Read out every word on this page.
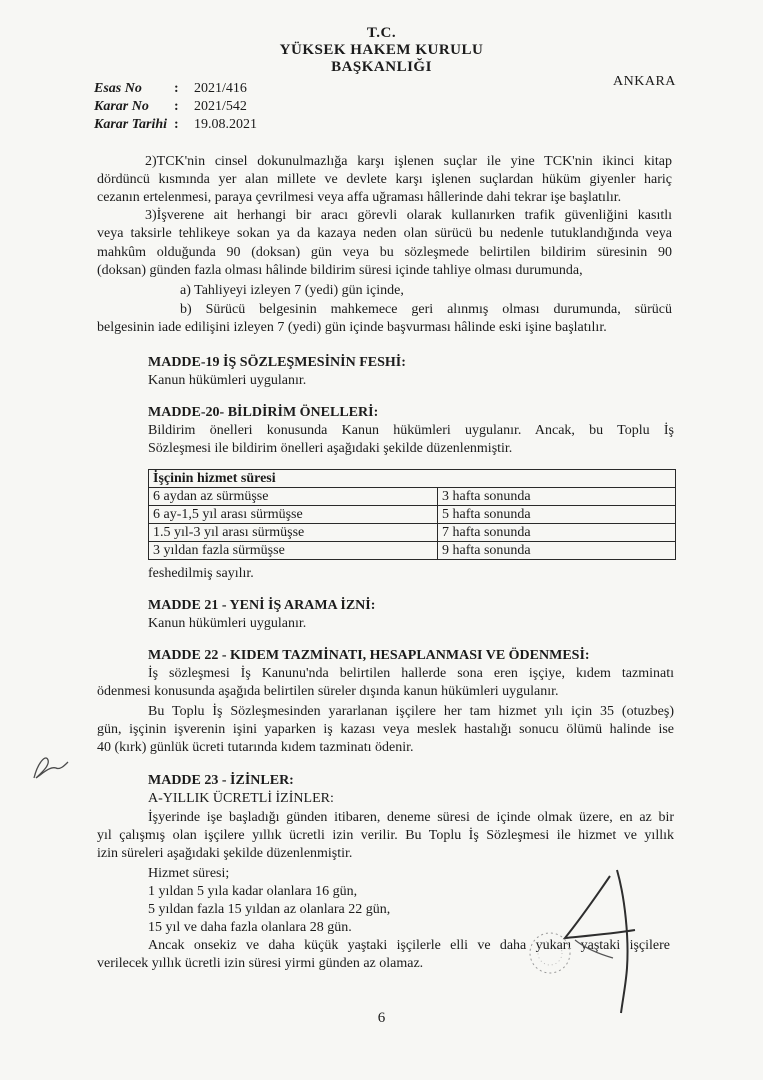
T.C.
YÜKSEK HAKEM KURULU
BAŞKANLIĞI
ANKARA
Esas No	:	2021/416
Karar No	:	2021/542
Karar Tarihi :	19.08.2021
2)TCK'nin cinsel dokunulmazlığa karşı işlenen suçlar ile yine TCK'nin ikinci kitap
dördüncü kısmında yer alan millete ve devlete karşı işlenen suçlardan hüküm giyenler hariç
cezanın ertelenmesi, paraya çevrilmesi veya affa uğraması hâllerinde dahi tekrar işe başlatılır.
3)İşverene ait herhangi bir aracı görevli olarak kullanırken trafik güvenliğini kasıtlı
veya taksirle tehlikeye sokan ya da kazaya neden olan sürücü bu nedenle tutuklandığında veya
mahkûm olduğunda 90 (doksan) gün veya bu sözleşmede belirtilen bildirim süresinin 90
(doksan) günden fazla olması hâlinde bildirim süresi içinde tahliye olması durumunda,
a) Tahliyeyi izleyen 7 (yedi) gün içinde,
b) Sürücü belgesinin mahkemece geri alınmış olması durumunda, sürücü
belgesinin iade edilişini izleyen 7 (yedi) gün içinde başvurması hâlinde eski işine başlatılır.
MADDE-19 İŞ SÖZLEŞMESİNİN FESHİ:
Kanun hükümleri uygulanır.
MADDE-20- BİLDİRİM ÖNELLERİ:
Bildirim önelleri konusunda Kanun hükümleri uygulanır. Ancak, bu Toplu İş
Sözleşmesi ile bildirim önelleri aşağıdaki şekilde düzenlenmiştir.
İşçinin hizmet süresi	
6 aydan az sürmüşse	3 hafta sonunda
6 ay-1,5 yıl arası sürmüşse	5 hafta sonunda
1.5 yıl-3 yıl arası sürmüşse	7 hafta sonunda
3 yıldan fazla sürmüşse	9 hafta sonunda
feshedilmiş sayılır.
MADDE 21 - YENİ İŞ ARAMA İZNİ:
Kanun hükümleri uygulanır.
MADDE 22 - KIDEM TAZMİNATI, HESAPLANMASI VE ÖDENMESİ:
İş sözleşmesi İş Kanunu'nda belirtilen hallerde sona eren işçiye, kıdem tazminatı
ödenmesi konusunda aşağıda belirtilen süreler dışında kanun hükümleri uygulanır.
Bu Toplu İş Sözleşmesinden yararlanan işçilere her tam hizmet yılı için 35 (otuzbeş)
gün, işçinin işverenin işini yaparken iş kazası veya meslek hastalığı sonucu ölümü halinde ise
40 (kırk) günlük ücreti tutarında kıdem tazminatı ödenir.
MADDE 23 - İZİNLER:
A-YILLIK ÜCRETLİ İZİNLER:
İşyerinde işe başladığı günden itibaren, deneme süresi de içinde olmak üzere, en az bir
yıl çalışmış olan işçilere yıllık ücretli izin verilir. Bu Toplu İş Sözleşmesi ile hizmet ve yıllık
izin süreleri aşağıdaki şekilde düzenlenmiştir.
Hizmet süresi;
1 yıldan 5 yıla kadar olanlara 16 gün,
5 yıldan fazla 15 yıldan az olanlara 22 gün,
15 yıl ve daha fazla olanlara 28 gün.
Ancak onsekiz ve daha küçük yaştaki işçilerle elli ve daha yukarı yaştaki işçilere
verilecek yıllık ücretli izin süresi yirmi günden az olamaz.
6
